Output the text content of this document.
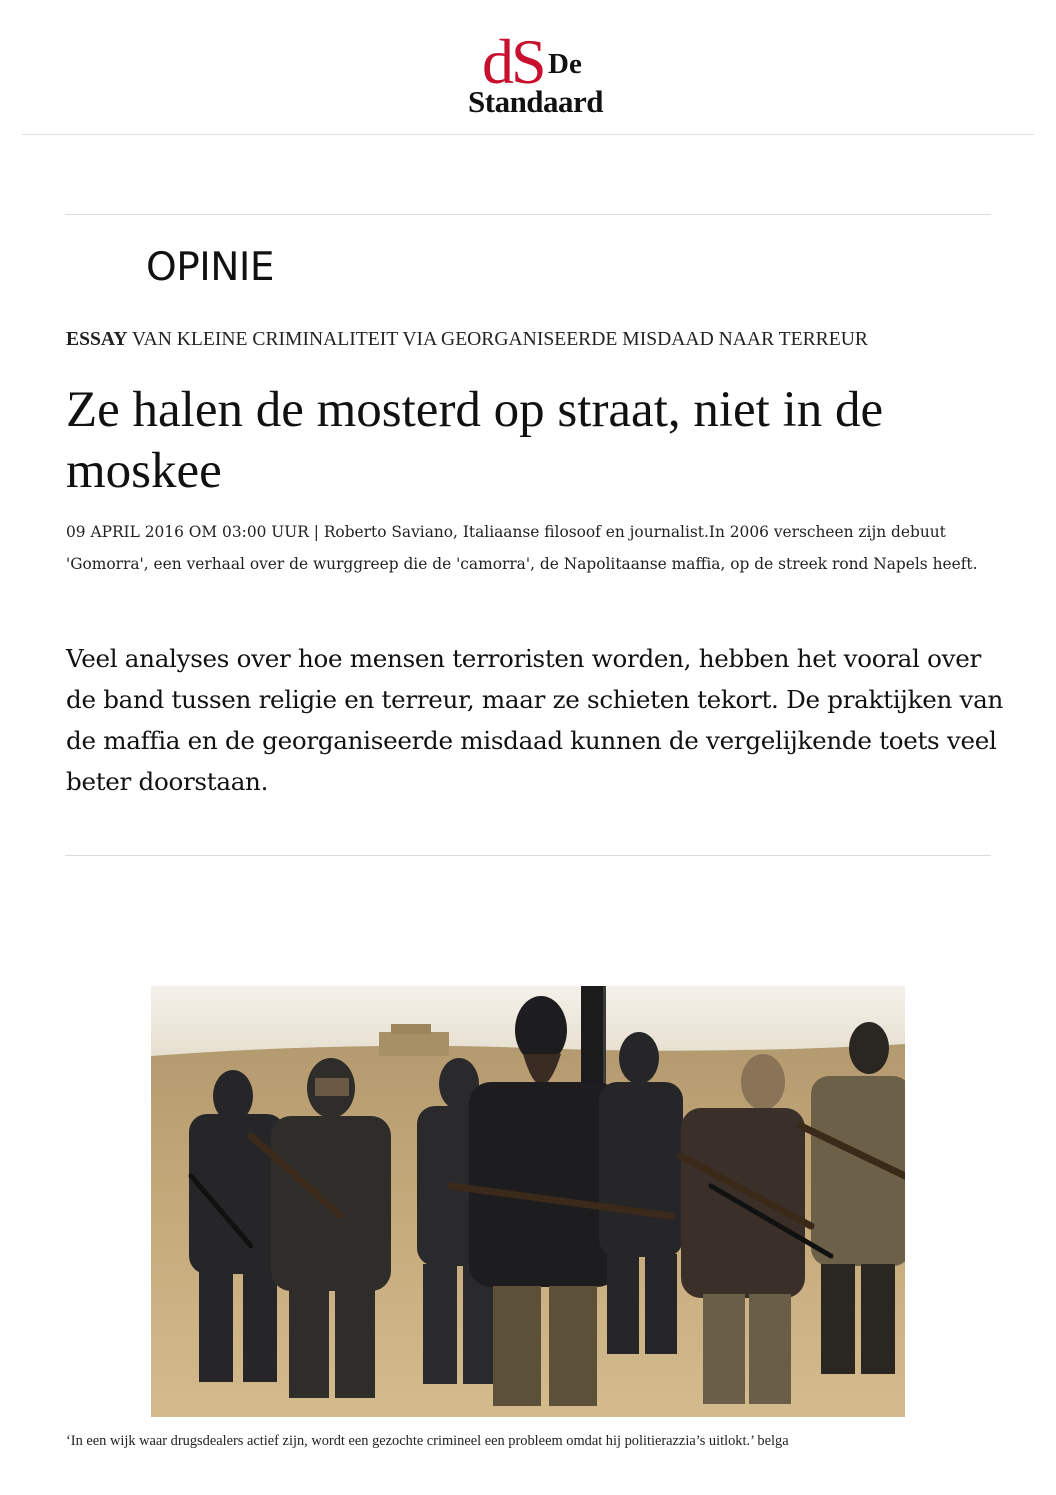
dS De
Standaard
OPINIE
ESSAY VAN KLEINE CRIMINALITEIT VIA GEORGANISEERDE MISDAAD NAAR TERREUR
Ze halen de mosterd op straat, niet in de moskee
09 APRIL 2016 OM 03:00 UUR | Roberto Saviano, Italiaanse filosoof en journalist.In 2006 verscheen zijn debuut 'Gomorra', een verhaal over de wurggreep die de 'camorra', de Napolitaanse maffia, op de streek rond Napels heeft.

Veel analyses over hoe mensen terroristen worden, hebben het vooral over de band tussen religie en terreur, maar ze schieten tekort. De praktijken van de maffia en de georganiseerde misdaad kunnen de vergelijkende toets veel beter doorstaan.

‘In een wijk waar drugsdealers actief zijn, wordt een gezochte crimineel een probleem omdat hij politierazzia’s uitlokt.’ belga
